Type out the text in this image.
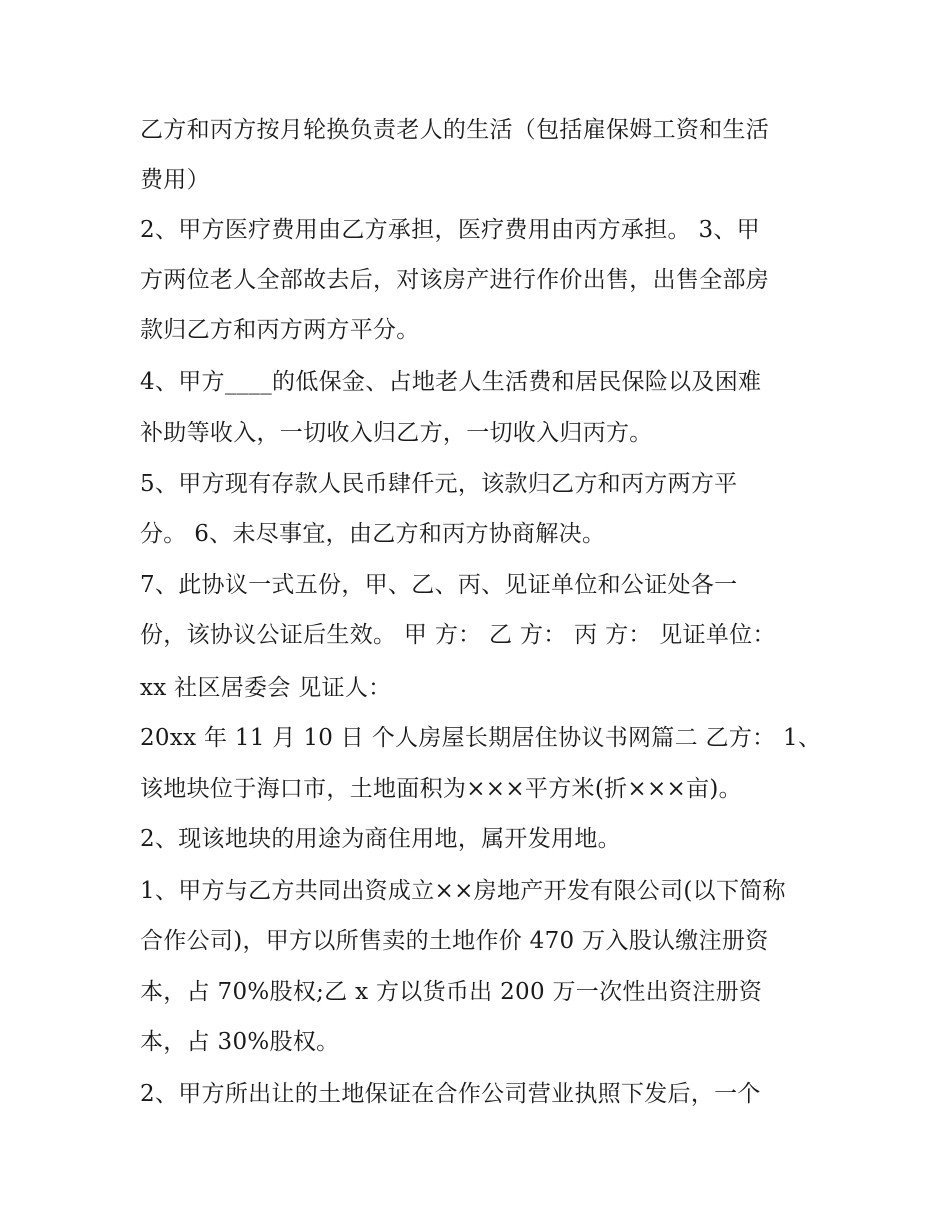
乙方和丙方按月轮换负责老人的生活（包括雇保姆工资和生活
费用）
2、甲方医疗费用由乙方承担，医疗费用由丙方承担。 3、甲
方两位老人全部故去后，对该房产进行作价出售，出售全部房
款归乙方和丙方两方平分。
4、甲方____的低保金、占地老人生活费和居民保险以及困难
补助等收入，一切收入归乙方，一切收入归丙方。
5、甲方现有存款人民币肆仟元，该款归乙方和丙方两方平
分。 6、未尽事宜，由乙方和丙方协商解决。
7、此协议一式五份，甲、乙、丙、见证单位和公证处各一
份，该协议公证后生效。 甲 方： 乙 方： 丙 方： 见证单位：
xx 社区居委会 见证人：
20xx 年 11 月 10 日 个人房屋长期居住协议书网篇二 乙方： 1、
该地块位于海口市，土地面积为×××平方米(折×××亩)。
2、现该地块的用途为商住用地，属开发用地。
1、甲方与乙方共同出资成立××房地产开发有限公司(以下简称
合作公司)，甲方以所售卖的土地作价 470 万入股认缴注册资
本，占 70%股权;乙 x 方以货币出 200 万一次性出资注册资
本，占 30%股权。
2、甲方所出让的土地保证在合作公司营业执照下发后，一个
